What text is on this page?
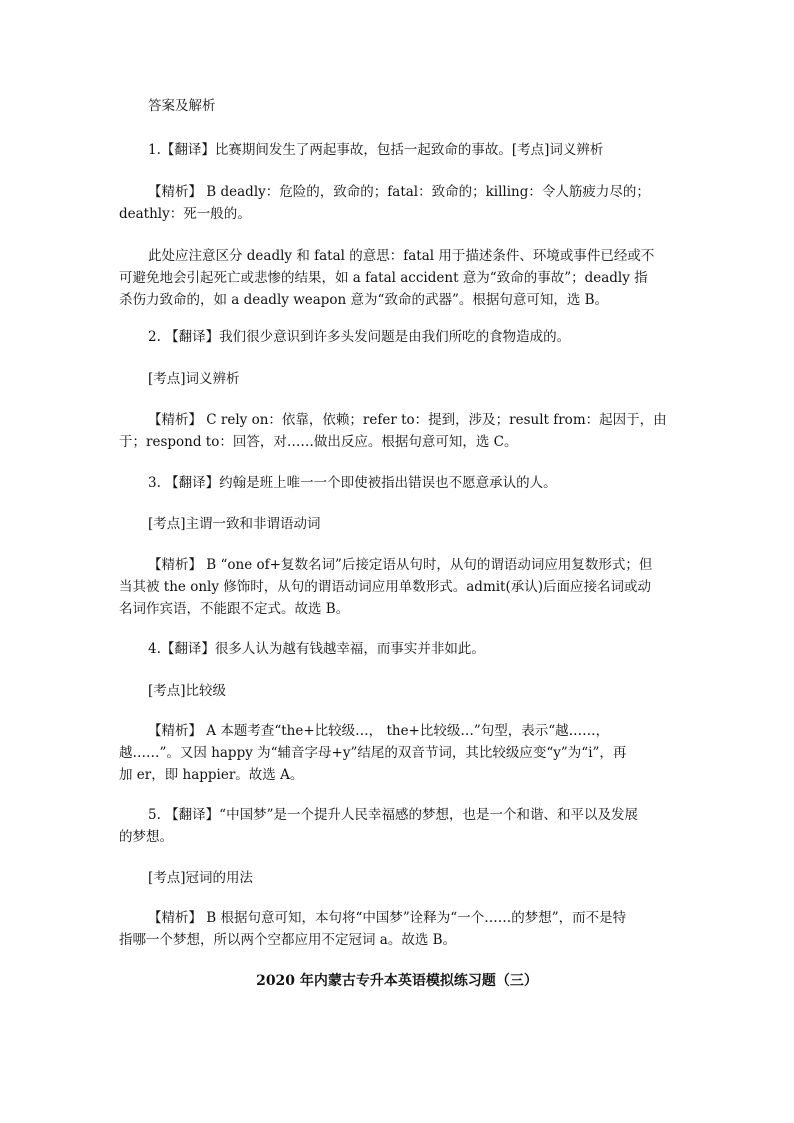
答案及解析
1.【翻译】比赛期间发生了两起事故，包括一起致命的事故。[考点]词义辨析
【精析】 B deadly：危险的，致命的；fatal：致命的；killing：令人筋疲力尽的；
deathly：死一般的。
此处应注意区分 deadly 和 fatal 的意思：fatal 用于描述条件、环境或事件已经或不
可避免地会引起死亡或悲惨的结果，如 a fatal accident 意为“致命的事故”；deadly 指
杀伤力致命的，如 a deadly weapon 意为“致命的武器”。根据句意可知，选 B。
2. 【翻译】我们很少意识到许多头发问题是由我们所吃的食物造成的。
[考点]词义辨析
【精析】 C rely on：依靠，依赖；refer to：提到，涉及；result from：起因于，由
于；respond to：回答，对……做出反应。根据句意可知，选 C。
3. 【翻译】约翰是班上唯一一个即使被指出错误也不愿意承认的人。
[考点]主谓一致和非谓语动词
【精析】 B “one of+复数名词”后接定语从句时，从句的谓语动词应用复数形式；但
当其被 the only 修饰时，从句的谓语动词应用单数形式。admit(承认)后面应接名词或动
名词作宾语，不能跟不定式。故选 B。
4.【翻译】很多人认为越有钱越幸福，而事实并非如此。
[考点]比较级
【精析】 A 本题考查“the+比较级…， the+比较级…”句型，表示“越……，
越……”。又因 happy 为“辅音字母+y”结尾的双音节词，其比较级应变“y”为“i”，再
加 er，即 happier。故选 A。
5. 【翻译】“中国梦”是一个提升人民幸福感的梦想，也是一个和谐、和平以及发展
的梦想。
[考点]冠词的用法
【精析】 B 根据句意可知，本句将“中国梦”诠释为“一个……的梦想”，而不是特
指哪一个梦想，所以两个空都应用不定冠词 a。故选 B。
2020 年内蒙古专升本英语模拟练习题（三）
